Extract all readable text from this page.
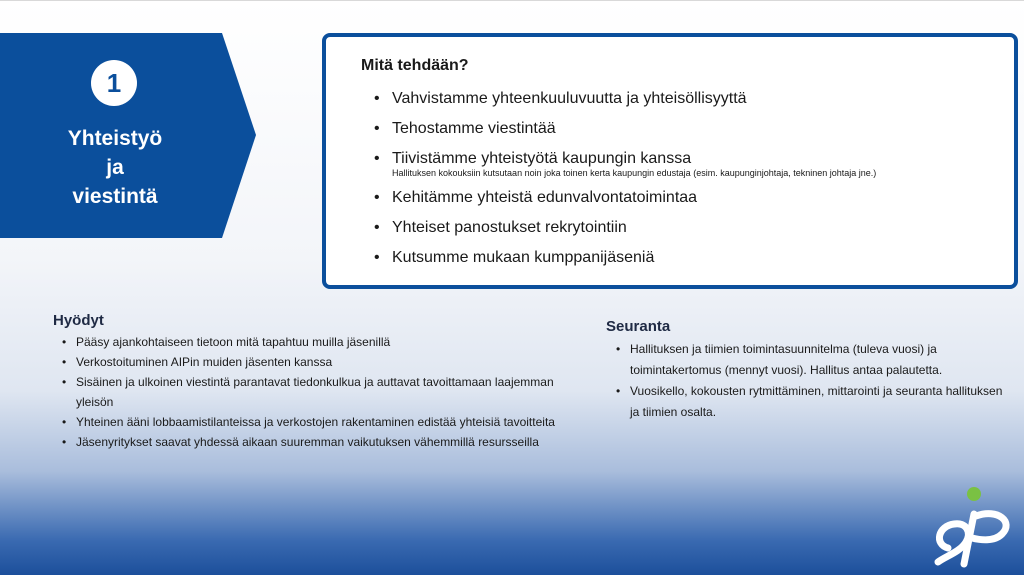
1
Yhteistyö
ja
viestintä
Mitä tehdään?
• Vahvistamme yhteenkuuluvuutta ja yhteisöllisyyttä
• Tehostamme viestintää
• Tiivistämme yhteistyötä kaupungin kanssa
Hallituksen kokouksiin kutsutaan noin joka toinen kerta kaupungin edustaja (esim. kaupunginjohtaja, tekninen johtaja jne.)
• Kehitämme yhteistä edunvalvontatoimintaa
• Yhteiset panostukset rekrytointiin
• Kutsumme mukaan kumppanijäseniä
Hyödyt
• Pääsy ajankohtaiseen tietoon mitä tapahtuu muilla jäsenillä
• Verkostoituminen AIPin muiden jäsenten kanssa
• Sisäinen ja ulkoinen viestintä parantavat tiedonkulkua ja auttavat tavoittamaan laajemman yleisön
• Yhteinen ääni lobbaamistilanteissa ja verkostojen rakentaminen edistää yhteisiä tavoitteita
• Jäsenyritykset saavat yhdessä aikaan suuremman vaikutuksen vähemmillä resursseilla
Seuranta
• Hallituksen ja tiimien toimintasuunnitelma (tuleva vuosi) ja toimintakertomus (mennyt vuosi). Hallitus antaa palautetta.
• Vuosikello, kokousten rytmittäminen, mittarointi ja seuranta hallituksen ja tiimien osalta.
